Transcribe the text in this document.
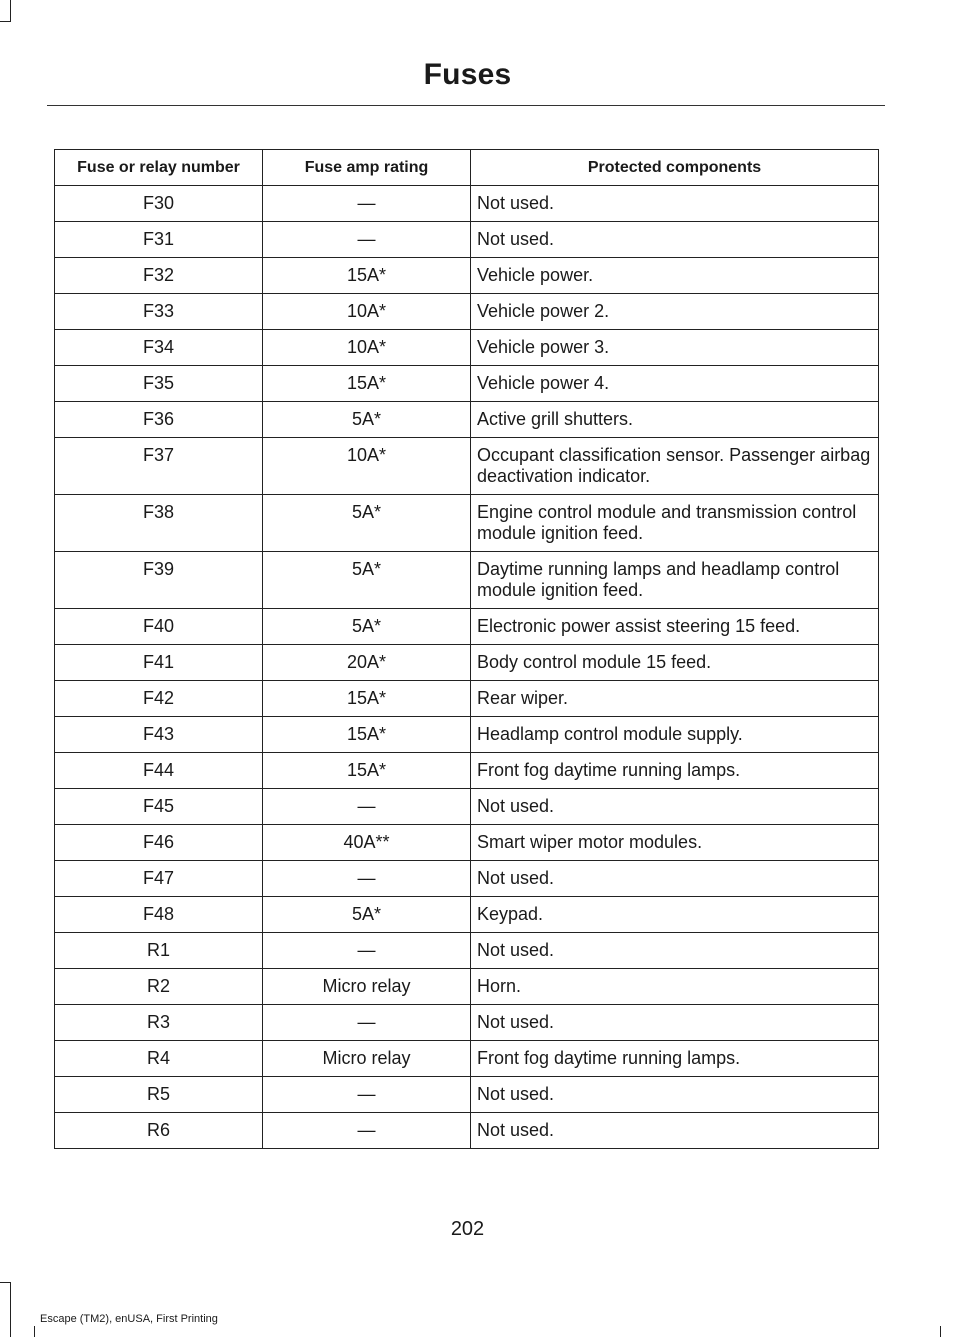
Fuses
Fuse or relay number	Fuse amp rating	Protected components
F30	—	Not used.
F31	—	Not used.
F32	15A*	Vehicle power.
F33	10A*	Vehicle power 2.
F34	10A*	Vehicle power 3.
F35	15A*	Vehicle power 4.
F36	5A*	Active grill shutters.
F37	10A*	Occupant classification sensor. Passenger airbag deactivation indicator.
F38	5A*	Engine control module and transmission control module ignition feed.
F39	5A*	Daytime running lamps and headlamp control module ignition feed.
F40	5A*	Electronic power assist steering 15 feed.
F41	20A*	Body control module 15 feed.
F42	15A*	Rear wiper.
F43	15A*	Headlamp control module supply.
F44	15A*	Front fog daytime running lamps.
F45	—	Not used.
F46	40A**	Smart wiper motor modules.
F47	—	Not used.
F48	5A*	Keypad.
R1	—	Not used.
R2	Micro relay	Horn.
R3	—	Not used.
R4	Micro relay	Front fog daytime running lamps.
R5	—	Not used.
R6	—	Not used.
202
Escape (TM2), enUSA, First Printing
